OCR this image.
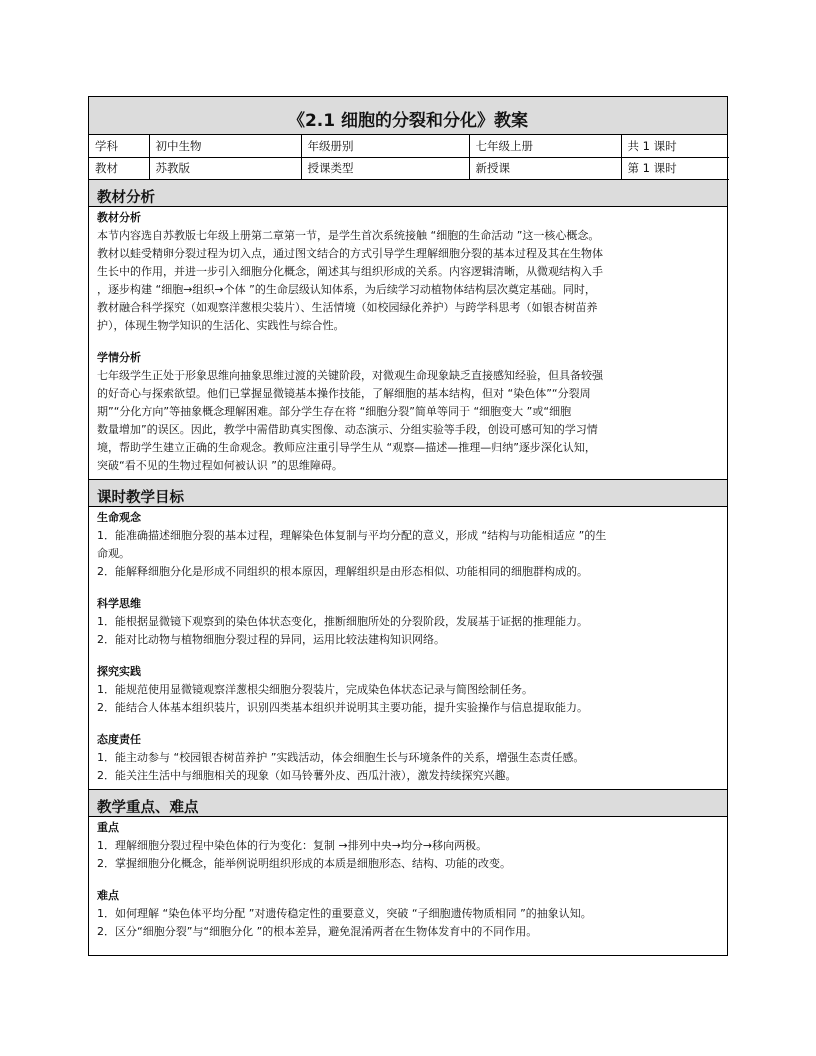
《2.1 细胞的分裂和分化》教案
学科	初中生物	年级册别	七年级上册	共 1 课时
教材	苏教版	授课类型	新授课	第 1 课时
教材分析
教材分析

本节内容选自苏教版七年级上册第二章第一节，是学生首次系统接触 “细胞的生命活动 ”这一核心概念。

教材以蛙受精卵分裂过程为切入点，通过图文结合的方式引导学生理解细胞分裂的基本过程及其在生物体

生长中的作用，并进一步引入细胞分化概念，阐述其与组织形成的关系。内容逻辑清晰，从微观结构入手

，逐步构建 “细胞→组织→个体 ”的生命层级认知体系，为后续学习动植物体结构层次奠定基础。同时，

教材融合科学探究（如观察洋葱根尖装片）、生活情境（如校园绿化养护）与跨学科思考（如银杏树苗养

护），体现生物学知识的生活化、实践性与综合性。

学情分析

七年级学生正处于形象思维向抽象思维过渡的关键阶段，对微观生命现象缺乏直接感知经验，但具备较强

的好奇心与探索欲望。他们已掌握显微镜基本操作技能，了解细胞的基本结构，但对 “染色体”“分裂周

期”“分化方向”等抽象概念理解困难。部分学生存在将 “细胞分裂”简单等同于 “细胞变大 ”或“细胞

数量增加”的误区。因此，教学中需借助真实图像、动态演示、分组实验等手段，创设可感可知的学习情

境，帮助学生建立正确的生命观念。教师应注重引导学生从 “观察—描述—推理—归纳”逐步深化认知，

突破“看不见的生物过程如何被认识 ”的思维障碍。

课时教学目标
生命观念

1．能准确描述细胞分裂的基本过程，理解染色体复制与平均分配的意义，形成 “结构与功能相适应 ”的生

命观。

2．能解释细胞分化是形成不同组织的根本原因，理解组织是由形态相似、功能相同的细胞群构成的。

科学思维

1．能根据显微镜下观察到的染色体状态变化，推断细胞所处的分裂阶段，发展基于证据的推理能力。

2．能对比动物与植物细胞分裂过程的异同，运用比较法建构知识网络。

探究实践

1．能规范使用显微镜观察洋葱根尖细胞分裂装片，完成染色体状态记录与简图绘制任务。

2．能结合人体基本组织装片，识别四类基本组织并说明其主要功能，提升实验操作与信息提取能力。

态度责任

1．能主动参与 “校园银杏树苗养护 ”实践活动，体会细胞生长与环境条件的关系，增强生态责任感。

2．能关注生活中与细胞相关的现象（如马铃薯外皮、西瓜汁液），激发持续探究兴趣。

教学重点、难点
重点

1．理解细胞分裂过程中染色体的行为变化：复制 →排列中央→均分→移向两极。

2．掌握细胞分化概念，能举例说明组织形成的本质是细胞形态、结构、功能的改变。

难点

1．如何理解 “染色体平均分配 ”对遗传稳定性的重要意义，突破 “子细胞遗传物质相同 ”的抽象认知。

2．区分“细胞分裂”与“细胞分化 ”的根本差异，避免混淆两者在生物体发育中的不同作用。
